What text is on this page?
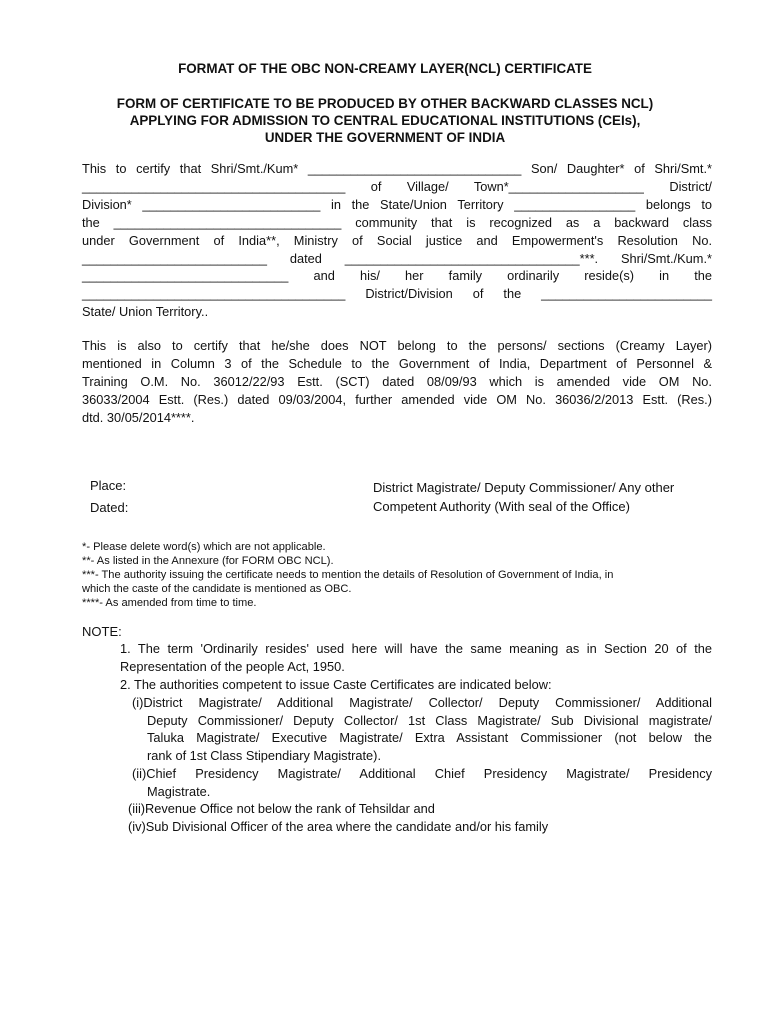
FORMAT OF THE OBC NON-CREAMY LAYER(NCL) CERTIFICATE
FORM OF CERTIFICATE TO BE PRODUCED BY OTHER BACKWARD CLASSES NCL)
APPLYING FOR ADMISSION TO CENTRAL EDUCATIONAL INSTITUTIONS (CEIs),
UNDER THE GOVERNMENT OF INDIA
This to certify that Shri/Smt./Kum* ______________________________ Son/ Daughter* of Shri/Smt.*
_____________________________________ of Village/ Town*___________________ District/
Division* _________________________ in the State/Union Territory _________________ belongs to
the ________________________________ community that is recognized as a backward class
under Government of India**, Ministry of Social justice and Empowerment's Resolution No.
__________________________ dated _________________________________***. Shri/Smt./Kum.*
_____________________________ and his/ her family ordinarily reside(s) in the
_____________________________________ District/Division of the ________________________
State/ Union Territory..
This is also to certify that he/she does NOT belong to the persons/ sections (Creamy Layer)
mentioned in Column 3 of the Schedule to the Government of India, Department of Personnel &
Training O.M. No. 36012/22/93 Estt. (SCT) dated 08/09/93 which is amended vide OM No.
36033/2004 Estt. (Res.) dated 09/03/2004, further amended vide OM No. 36036/2/2013 Estt. (Res.)
dtd. 30/05/2014****.
Place:
Dated:
District Magistrate/ Deputy Commissioner/ Any other
Competent Authority (With seal of the Office)
*- Please delete word(s) which are not applicable.
**- As listed in the Annexure (for FORM OBC NCL).
***- The authority issuing the certificate needs to mention the details of Resolution of Government of India, in
which the caste of the candidate is mentioned as OBC.
****- As amended from time to time.
NOTE:
1. The term 'Ordinarily resides' used here will have the same meaning as in Section 20 of the
Representation of the people Act, 1950.
2. The authorities competent to issue Caste Certificates are indicated below:
(i)District Magistrate/ Additional Magistrate/ Collector/ Deputy Commissioner/ Additional
Deputy Commissioner/ Deputy Collector/ 1st Class Magistrate/ Sub Divisional magistrate/
Taluka Magistrate/ Executive Magistrate/ Extra Assistant Commissioner (not below the
rank of 1st Class Stipendiary Magistrate).
(ii)Chief Presidency Magistrate/ Additional Chief Presidency Magistrate/ Presidency
Magistrate.
(iii)Revenue Office not below the rank of Tehsildar and
(iv)Sub Divisional Officer of the area where the candidate and/or his family
